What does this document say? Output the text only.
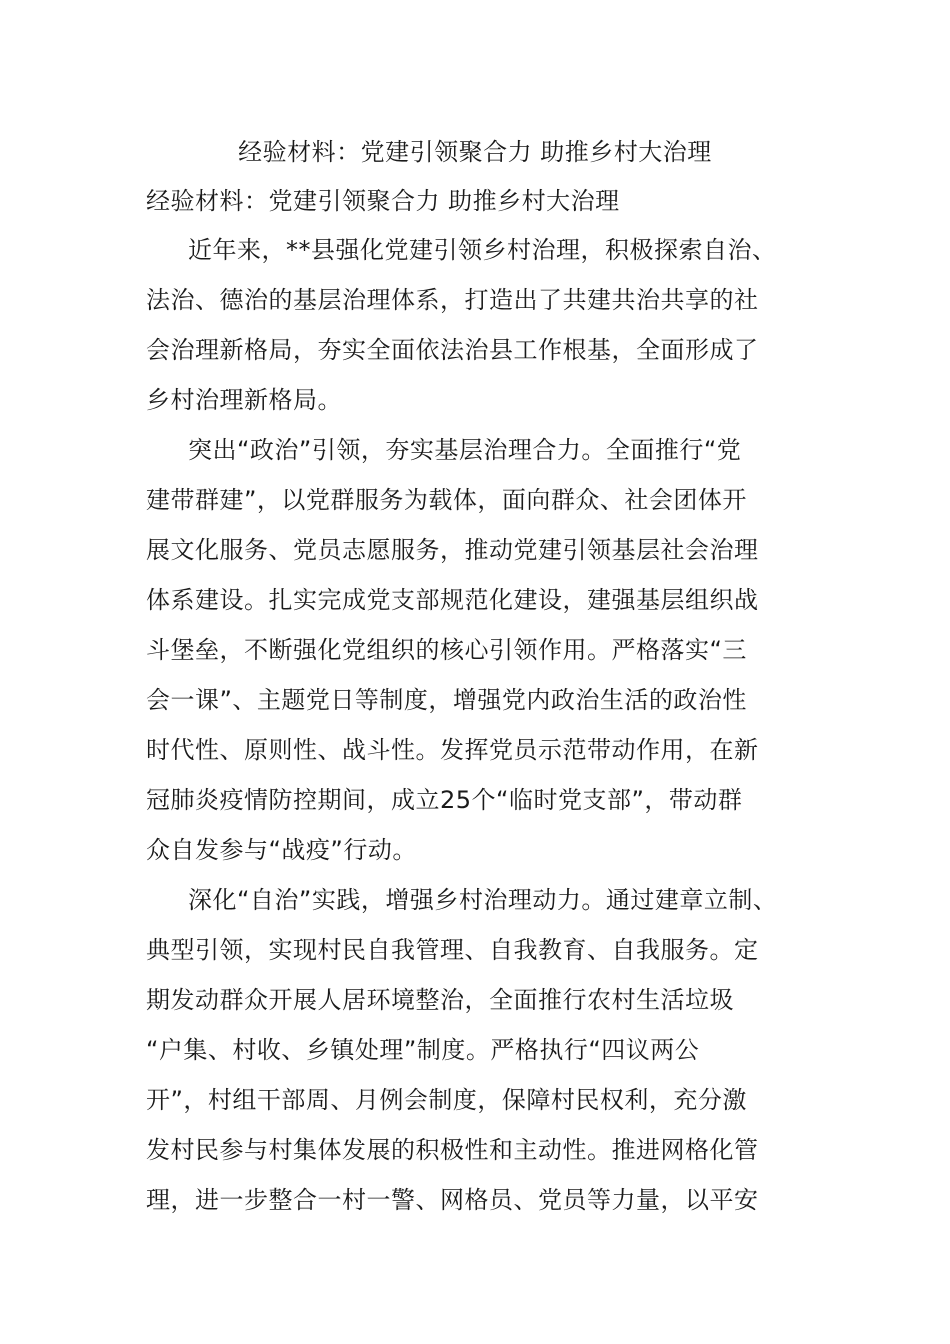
经验材料：党建引领聚合力 助推乡村大治理
经验材料：党建引领聚合力 助推乡村大治理
近年来，**县强化党建引领乡村治理，积极探索自治、
法治、德治的基层治理体系，打造出了共建共治共享的社
会治理新格局，夯实全面依法治县工作根基，全面形成了
乡村治理新格局。
突出“政治”引领，夯实基层治理合力。全面推行“党
建带群建”，以党群服务为载体，面向群众、社会团体开
展文化服务、党员志愿服务，推动党建引领基层社会治理
体系建设。扎实完成党支部规范化建设，建强基层组织战
斗堡垒，不断强化党组织的核心引领作用。严格落实“三
会一课”、主题党日等制度，增强党内政治生活的政治性
时代性、原则性、战斗性。发挥党员示范带动作用，在新
冠肺炎疫情防控期间，成立25个“临时党支部”，带动群
众自发参与“战疫”行动。
深化“自治”实践，增强乡村治理动力。通过建章立制、
典型引领，实现村民自我管理、自我教育、自我服务。定
期发动群众开展人居环境整治，全面推行农村生活垃圾
“户集、村收、乡镇处理”制度。严格执行“四议两公
开”，村组干部周、月例会制度，保障村民权利，充分激
发村民参与村集体发展的积极性和主动性。推进网格化管
理，进一步整合一村一警、网格员、党员等力量，以平安
